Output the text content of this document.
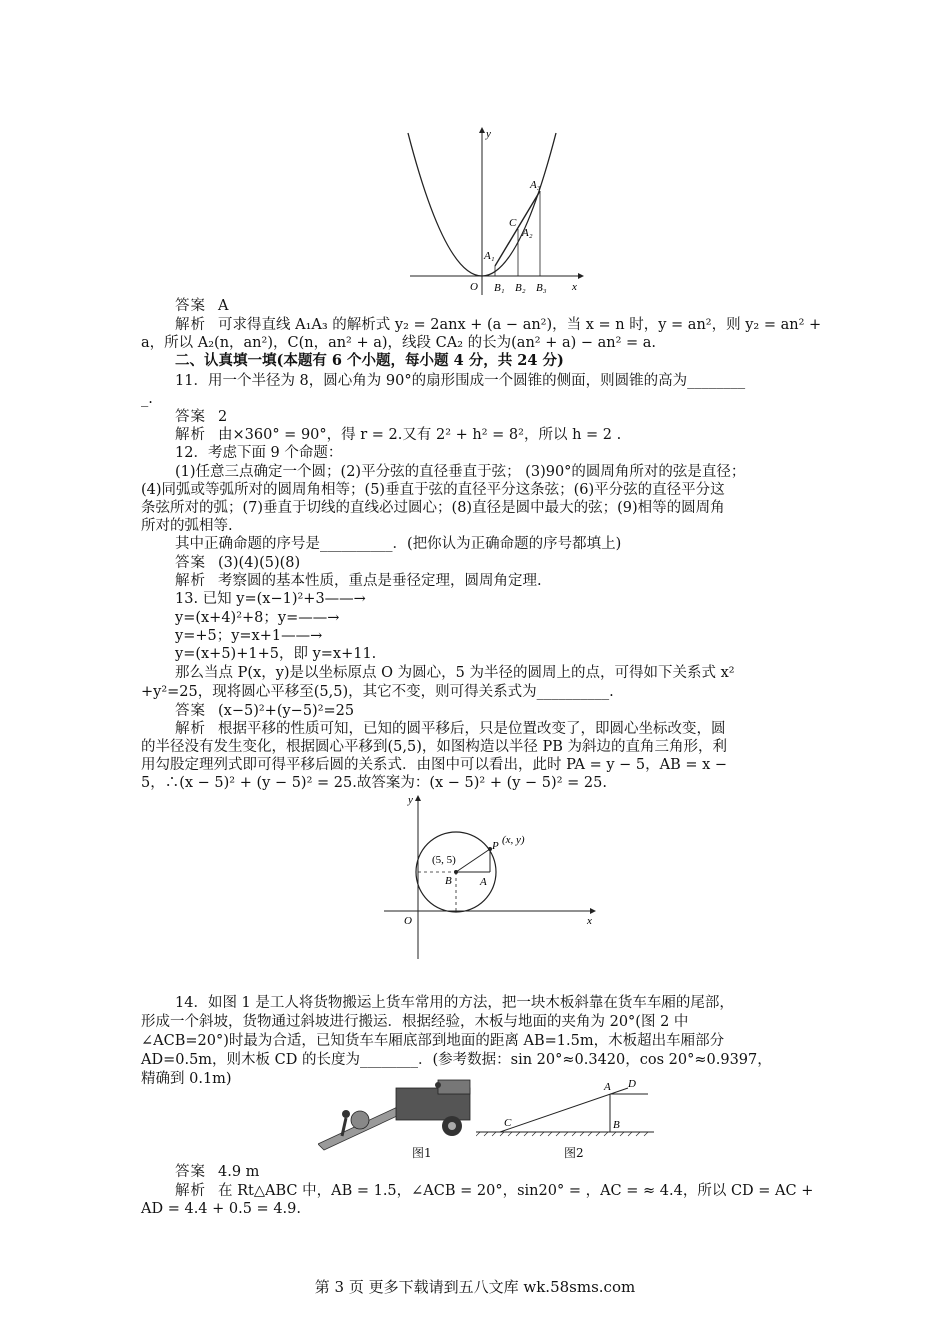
y
x
O
A₁
C
A₂
A₃
B₁ B₂ B₃
答案 A
解析 可求得直线 A₁A₃ 的解析式 y₂ = 2anx + (a − an²)，当 x = n 时，y = an²，则 y₂ = an² +
a，所以 A₂(n，an²)，C(n，an² + a)，线段 CA₂ 的长为(an² + a) − an² = a.
二、认真填一填(本题有 6 个小题，每小题 4 分，共 24 分)
11．用一个半径为 8，圆心角为 90°的扇形围成一个圆锥的侧面，则圆锥的高为________
_.
答案 2
解析 由×360° = 90°，得 r = 2.又有 2² + h² = 8²，所以 h = 2 .
12．考虑下面 9 个命题：
(1)任意三点确定一个圆；(2)平分弦的直径垂直于弦； (3)90°的圆周角所对的弦是直径；
(4)同弧或等弧所对的圆周角相等；(5)垂直于弦的直径平分这条弦；(6)平分弦的直径平分这
条弦所对的弧；(7)垂直于切线的直线必过圆心；(8)直径是圆中最大的弦；(9)相等的圆周角
所对的弧相等.
其中正确命题的序号是__________．(把你认为正确命题的序号都填上)
答案 (3)(4)(5)(8)
解析 考察圆的基本性质，重点是垂径定理，圆周角定理.
13. 已知 y=(x−1)²+3——→
y=(x+4)²+8；y=——→
y=+5；y=x+1——→
y=(x+5)+1+5，即 y=x+11.
那么当点 P(x，y)是以坐标原点 O 为圆心，5 为半径的圆周上的点，可得如下关系式 x²
+y²=25，现将圆心平移至(5,5)，其它不变，则可得关系式为__________.
答案 (x−5)²+(y−5)²=25
解析 根据平移的性质可知，已知的圆平移后，只是位置改变了，即圆心坐标改变，圆
的半径没有发生变化，根据圆心平移到(5,5)，如图构造以半径 PB 为斜边的直角三角形，利
用勾股定理列式即可得平移后圆的关系式．由图中可以看出，此时 PA = y − 5，AB = x −
5，∴(x − 5)² + (y − 5)² = 25.故答案为：(x − 5)² + (y − 5)² = 25.
y
x
O
(5, 5)
P (x, y)
B	A
14．如图 1 是工人将货物搬运上货车常用的方法，把一块木板斜靠在货车车厢的尾部，
形成一个斜坡，货物通过斜坡进行搬运．根据经验，木板与地面的夹角为 20°(图 2 中
∠ACB=20°)时最为合适，已知货车车厢底部到地面的距离 AB=1.5m，木板超出车厢部分
AD=0.5m，则木板 CD 的长度为________．(参考数据：sin 20°≈0.3420，cos 20°≈0.9397，
精确到 0.1m)
图1
A D
B
C
图2
答案 4.9 m
解析 在 Rt△ABC 中，AB = 1.5，∠ACB = 20°，sin20° = ，AC = ≈ 4.4，所以 CD = AC +
AD = 4.4 + 0.5 = 4.9.
第 3 页 更多下载请到五八文库 wk.58sms.com
